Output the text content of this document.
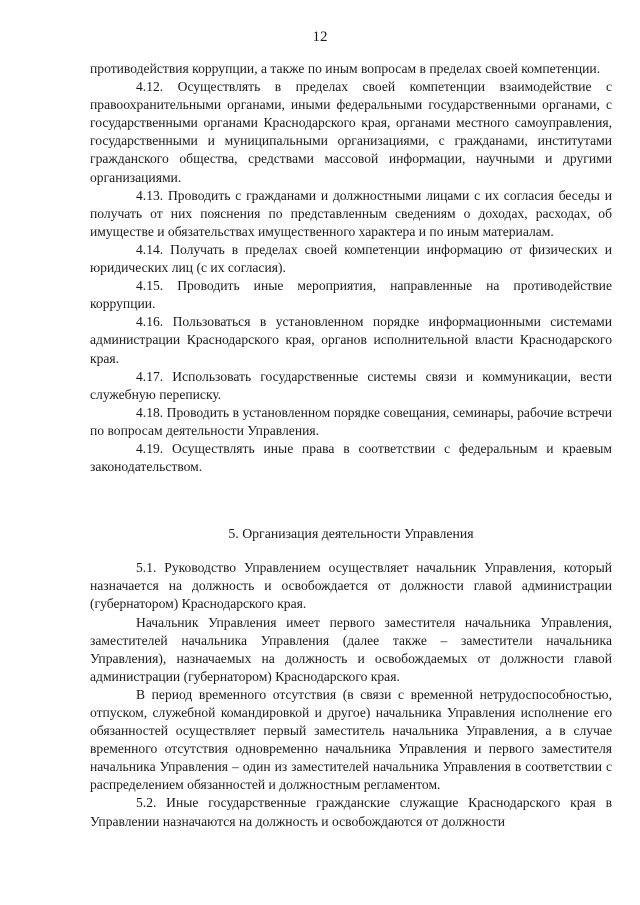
12

противодействия коррупции, а также по иным вопросам в пределах своей компетенции.

4.12. Осуществлять в пределах своей компетенции взаимодействие с правоохранительными органами, иными федеральными государственными органами, с государственными органами Краснодарского края, органами местного самоуправления, государственными и муниципальными организациями, с гражданами, институтами гражданского общества, средствами массовой информации, научными и другими организациями.

4.13. Проводить с гражданами и должностными лицами с их согласия беседы и получать от них пояснения по представленным сведениям о доходах, расходах, об имуществе и обязательствах имущественного характера и по иным материалам.

4.14. Получать в пределах своей компетенции информацию от физических и юридических лиц (с их согласия).

4.15. Проводить иные мероприятия, направленные на противодействие коррупции.

4.16. Пользоваться в установленном порядке информационными системами администрации Краснодарского края, органов исполнительной власти Краснодарского края.

4.17. Использовать государственные системы связи и коммуникации, вести служебную переписку.

4.18. Проводить в установленном порядке совещания, семинары, рабочие встречи по вопросам деятельности Управления.

4.19. Осуществлять иные права в соответствии с федеральным и краевым законодательством.

5. Организация деятельности Управления

5.1. Руководство Управлением осуществляет начальник Управления, который назначается на должность и освобождается от должности главой администрации (губернатором) Краснодарского края.

Начальник Управления имеет первого заместителя начальника Управления, заместителей начальника Управления (далее также – заместители начальника Управления), назначаемых на должность и освобождаемых от должности главой администрации (губернатором) Краснодарского края.

В период временного отсутствия (в связи с временной нетрудоспособностью, отпуском, служебной командировкой и другое) начальника Управления исполнение его обязанностей осуществляет первый заместитель начальника Управления, а в случае временного отсутствия одновременно начальника Управления и первого заместителя начальника Управления – один из заместителей начальника Управления в соответствии с распределением обязанностей и должностным регламентом.

5.2. Иные государственные гражданские служащие Краснодарского края в Управлении назначаются на должность и освобождаются от должности
